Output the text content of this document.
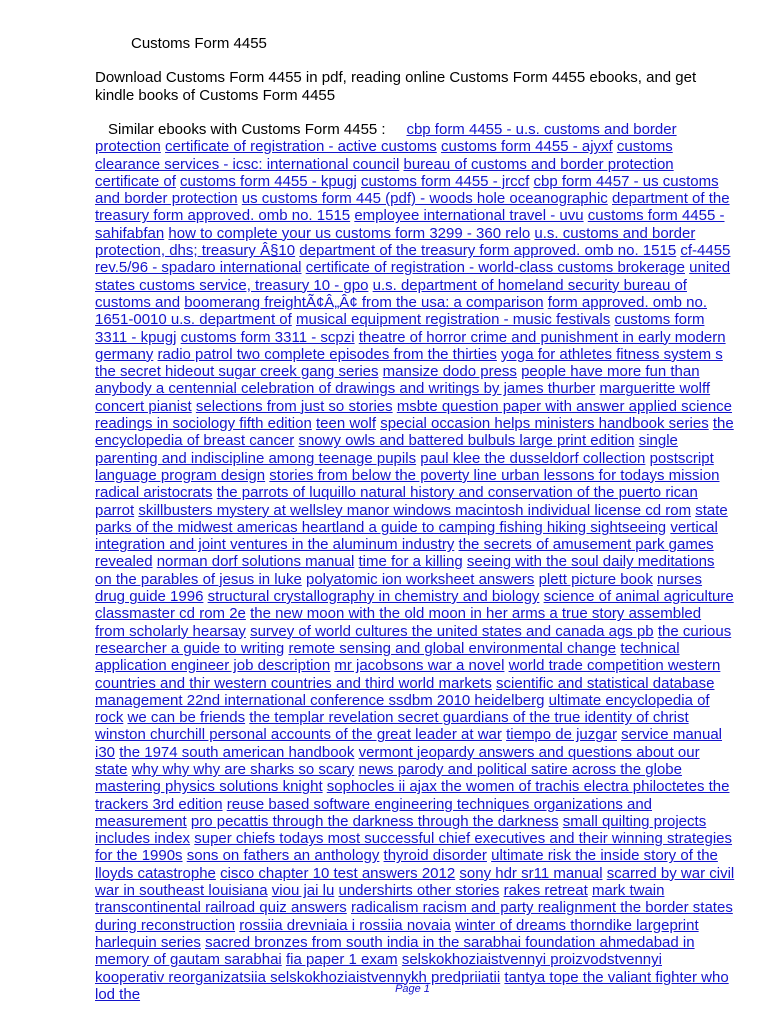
Customs Form 4455
Download Customs Form 4455 in pdf, reading online Customs Form 4455 ebooks, and get kindle books of Customs Form 4455
Similar ebooks with Customs Form 4455 : cbp form 4455 - u.s. customs and border protection certificate of registration - active customs customs form 4455 - ajyxf customs clearance services - icsc: international council bureau of customs and border protection certificate of customs form 4455 - kpugj customs form 4455 - jrccf cbp form 4457 - us customs and border protection us customs form 445 (pdf) - woods hole oceanographic department of the treasury form approved. omb no. 1515 employee international travel - uvu customs form 4455 - sahifabfan how to complete your us customs form 3299 - 360 relo u.s. customs and border protection, dhs; treasury Â§10 department of the treasury form approved. omb no. 1515 cf-4455 rev.5/96 - spadaro international certificate of registration - world-class customs brokerage united states customs service, treasury 10 - gpo u.s. department of homeland security bureau of customs and boomerang freightÃ¢Â„Â¢ from the usa: a comparison form approved. omb no. 1651-0010 u.s. department of musical equipment registration - music festivals customs form 3311 - kpugj customs form 3311 - scpzi theatre of horror crime and punishment in early modern germany radio patrol two complete episodes from the thirties yoga for athletes fitness system s the secret hideout sugar creek gang series mansize dodo press people have more fun than anybody a centennial celebration of drawings and writings by james thurber margueritte wolff concert pianist selections from just so stories msbte question paper with answer applied science readings in sociology fifth edition teen wolf special occasion helps ministers handbook series the encyclopedia of breast cancer snowy owls and battered bulbuls large print edition single parenting and indiscipline among teenage pupils paul klee the dusseldorf collection postscript language program design stories from below the poverty line urban lessons for todays mission radical aristocrats the parrots of luquillo natural history and conservation of the puerto rican parrot skillbusters mystery at wellsley manor windows macintosh individual license cd rom state parks of the midwest americas heartland a guide to camping fishing hiking sightseeing vertical integration and joint ventures in the aluminum industry the secrets of amusement park games revealed norman dorf solutions manual time for a killing seeing with the soul daily meditations on the parables of jesus in luke polyatomic ion worksheet answers plett picture book nurses drug guide 1996 structural crystallography in chemistry and biology science of animal agriculture classmaster cd rom 2e the new moon with the old moon in her arms a true story assembled from scholarly hearsay survey of world cultures the united states and canada ags pb the curious researcher a guide to writing remote sensing and global environmental change technical application engineer job description mr jacobsons war a novel world trade competition western countries and thir western countries and third world markets scientific and statistical database management 22nd international conference ssdbm 2010 heidelberg ultimate encyclopedia of rock we can be friends the templar revelation secret guardians of the true identity of christ winston churchill personal accounts of the great leader at war tiempo de juzgar service manual i30 the 1974 south american handbook vermont jeopardy answers and questions about our state why why why are sharks so scary news parody and political satire across the globe mastering physics solutions knight sophocles ii ajax the women of trachis electra philoctetes the trackers 3rd edition reuse based software engineering techniques organizations and measurement pro pecattis through the darkness through the darkness small quilting projects includes index super chiefs todays most successful chief executives and their winning strategies for the 1990s sons on fathers an anthology thyroid disorder ultimate risk the inside story of the lloyds catastrophe cisco chapter 10 test answers 2012 sony hdr sr11 manual scarred by war civil war in southeast louisiana viou jai lu undershirts other stories rakes retreat mark twain transcontinental railroad quiz answers radicalism racism and party realignment the border states during reconstruction rossiia drevniaia i rossiia novaia winter of dreams thorndike largeprint harlequin series sacred bronzes from south india in the sarabhai foundation ahmedabad in memory of gautam sarabhai fia paper 1 exam selskokhoziaistvennyi proizvodstvennyi kooperativ reorganizatsiia selskokhoziaistvennykh predpriiatii tantya tope the valiant fighter who lod the	Page 1
